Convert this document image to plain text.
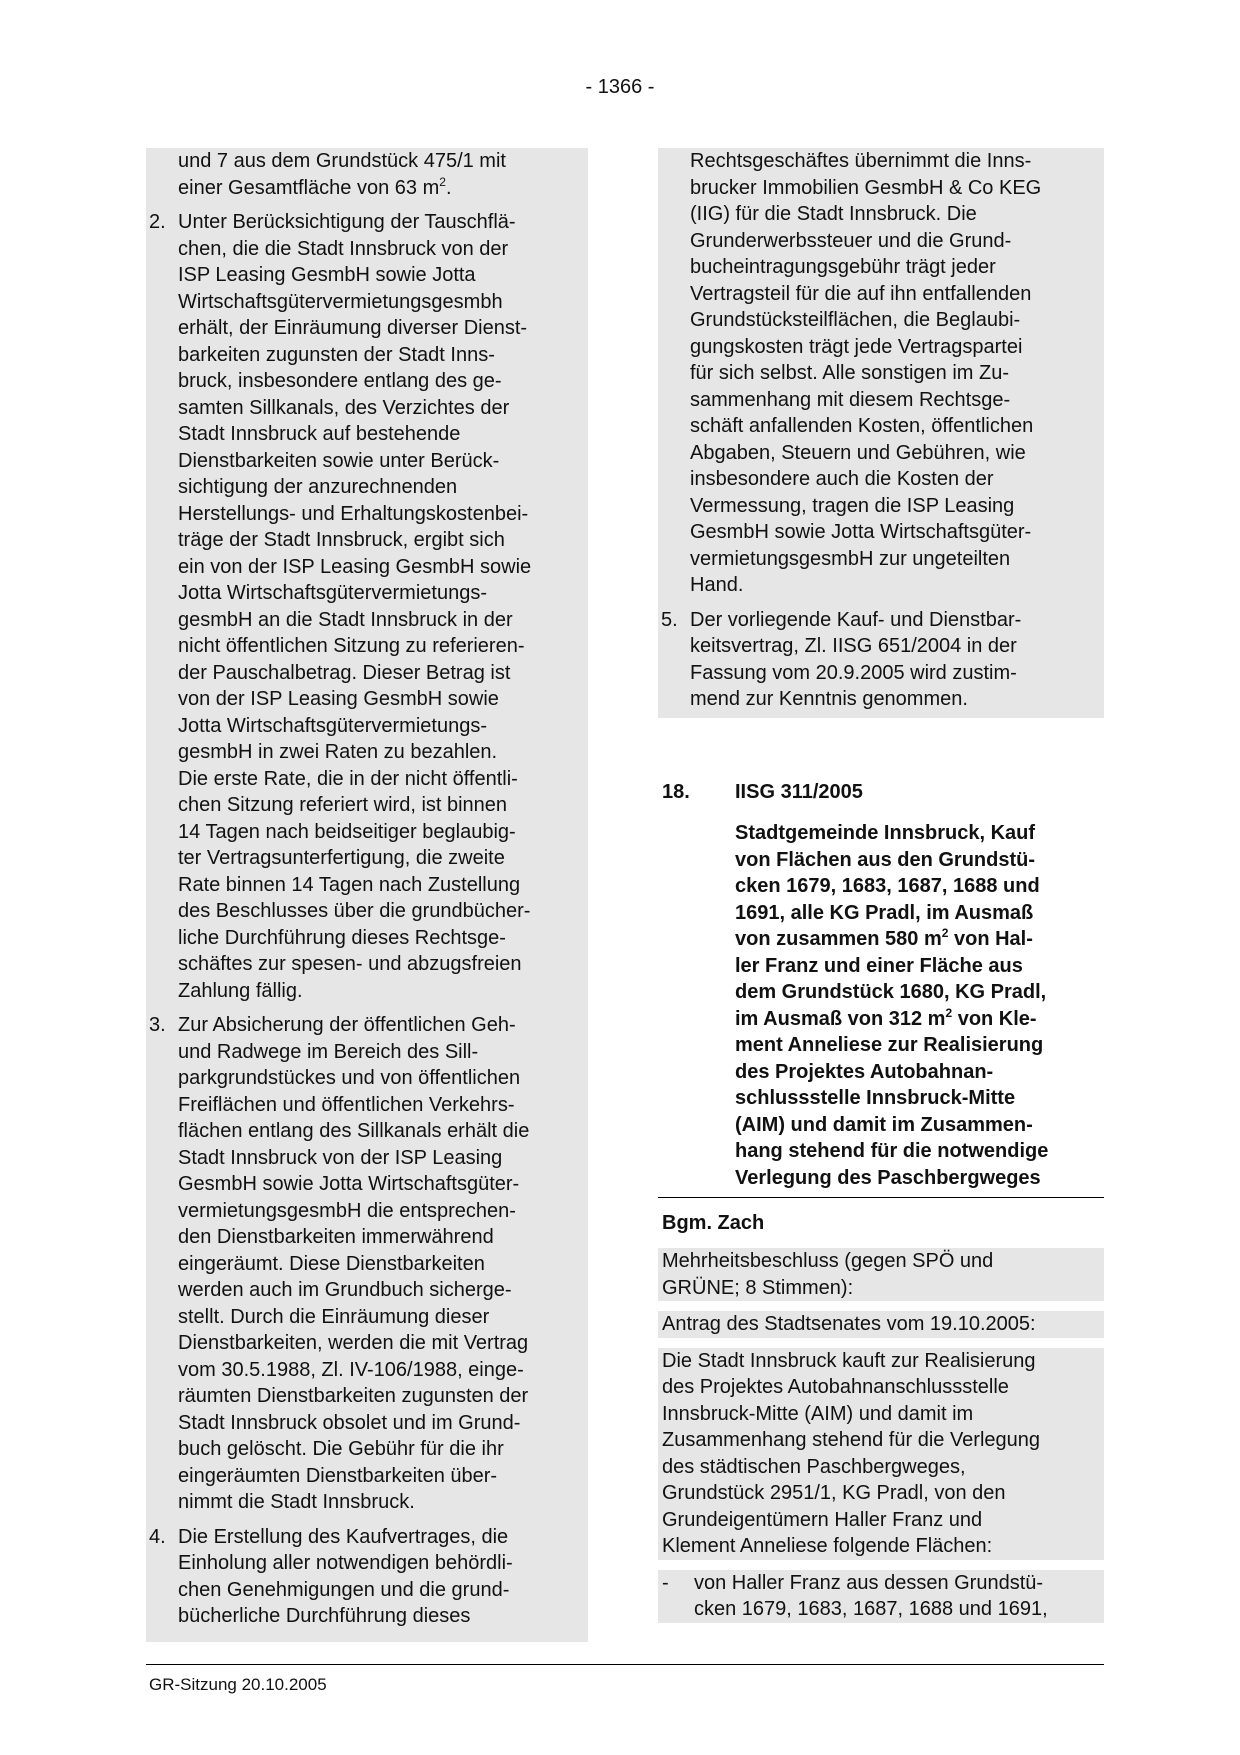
- 1366 -
und 7 aus dem Grundstück 475/1 mit
einer Gesamtfläche von 63 $m^2$.
2. Unter Berücksichtigung der Tauschflä-
chen, die die Stadt Innsbruck von der
ISP Leasing GesmbH sowie Jotta
Wirtschaftsgütervermietungsgesmbh
erhält, der Einräumung diverser Dienst-
barkeiten zugunsten der Stadt Inns-
bruck, insbesondere entlang des ge-
samten Sillkanals, des Verzichtes der
Stadt Innsbruck auf bestehende
Dienstbarkeiten sowie unter Berück-
sichtigung der anzurechnenden
Herstellungs- und Erhaltungskostenbei-
träge der Stadt Innsbruck, ergibt sich
ein von der ISP Leasing GesmbH sowie
Jotta Wirtschaftsgütervermietungs-
gesmbH an die Stadt Innsbruck in der
nicht öffentlichen Sitzung zu referieren-
der Pauschalbetrag. Dieser Betrag ist
von der ISP Leasing GesmbH sowie
Jotta Wirtschaftsgütervermietungs-
gesmbH in zwei Raten zu bezahlen.
Die erste Rate, die in der nicht öffentli-
chen Sitzung referiert wird, ist binnen
14 Tagen nach beidseitiger beglaubig-
ter Vertragsunterfertigung, die zweite
Rate binnen 14 Tagen nach Zustellung
des Beschlusses über die grundbücher-
liche Durchführung dieses Rechtsge-
schäftes zur spesen- und abzugsfreien
Zahlung fällig.
3. Zur Absicherung der öffentlichen Geh-
und Radwege im Bereich des Sill-
parkgrundstückes und von öffentlichen
Freiflächen und öffentlichen Verkehrs-
flächen entlang des Sillkanals erhält die
Stadt Innsbruck von der ISP Leasing
GesmbH sowie Jotta Wirtschaftsgüter-
vermietungsgesmbH die entsprechen-
den Dienstbarkeiten immerwährend
eingeräumt. Diese Dienstbarkeiten
werden auch im Grundbuch sicherge-
stellt. Durch die Einräumung dieser
Dienstbarkeiten, werden die mit Vertrag
vom 30.5.1988, Zl. IV-106/1988, einge-
räumten Dienstbarkeiten zugunsten der
Stadt Innsbruck obsolet und im Grund-
buch gelöscht. Die Gebühr für die ihr
eingeräumten Dienstbarkeiten über-
nimmt die Stadt Innsbruck.
4. Die Erstellung des Kaufvertrages, die
Einholung aller notwendigen behördli-
chen Genehmigungen und die grund-
bücherliche Durchführung dieses
Rechtsgeschäftes übernimmt die Inns-
brucker Immobilien GesmbH & Co KEG
(IIG) für die Stadt Innsbruck. Die
Grunderwerbssteuer und die Grund-
bucheintragungsgebühr trägt jeder
Vertragsteil für die auf ihn entfallenden
Grundstücksteilflächen, die Beglaubi-
gungskosten trägt jede Vertragspartei
für sich selbst. Alle sonstigen im Zu-
sammenhang mit diesem Rechtsge-
schäft anfallenden Kosten, öffentlichen
Abgaben, Steuern und Gebühren, wie
insbesondere auch die Kosten der
Vermessung, tragen die ISP Leasing
GesmbH sowie Jotta Wirtschaftsgüter-
vermietungsgesmbH zur ungeteilten
Hand.
5. Der vorliegende Kauf- und Dienstbar-
keitsvertrag, Zl. IISG 651/2004 in der
Fassung vom 20.9.2005 wird zustim-
mend zur Kenntnis genommen.
18. IISG 311/2005
Stadtgemeinde Innsbruck, Kauf
von Flächen aus den Grundstü-
cken 1679, 1683, 1687, 1688 und
1691, alle KG Pradl, im Ausmaß
von zusammen 580 $m^2$ von Hal-
ler Franz und einer Fläche aus
dem Grundstück 1680, KG Pradl,
im Ausmaß von 312 $m^2$ von Kle-
ment Anneliese zur Realisierung
des Projektes Autobahnan-
schlussstelle Innsbruck-Mitte
(AIM) und damit im Zusammen-
hang stehend für die notwendige
Verlegung des Paschbergweges
Bgm. Zach
Mehrheitsbeschluss (gegen SPÖ und
GRÜNE; 8 Stimmen):
Antrag des Stadtsenates vom 19.10.2005:
Die Stadt Innsbruck kauft zur Realisierung
des Projektes Autobahnanschlussstelle
Innsbruck-Mitte (AIM) und damit im
Zusammenhang stehend für die Verlegung
des städtischen Paschbergweges,
Grundstück 2951/1, KG Pradl, von den
Grundeigentümern Haller Franz und
Klement Anneliese folgende Flächen:
- von Haller Franz aus dessen Grundstü-
cken 1679, 1683, 1687, 1688 und 1691,
GR-Sitzung 20.10.2005
